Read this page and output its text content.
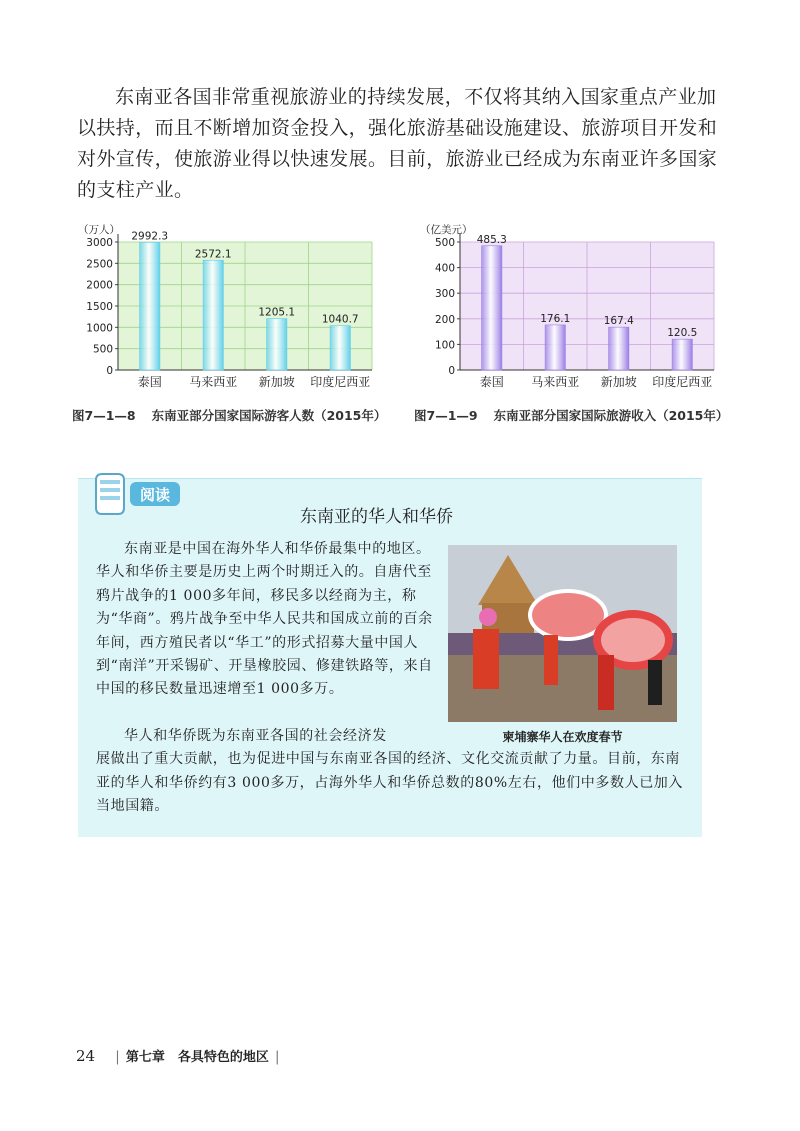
东南亚各国非常重视旅游业的持续发展，不仅将其纳入国家重点产业加以扶持，而且不断增加资金投入，强化旅游基础设施建设、旅游项目开发和对外宣传，使旅游业得以快速发展。目前，旅游业已经成为东南亚许多国家的支柱产业。

0
500
1000
1500
2000
2500
3000
（万人）
2992.3
泰国
2572.1
马来西亚
1205.1
新加坡
1040.7
印度尼西亚
图7—1—8 东南亚部分国家国际游客人数（2015年）
0
100
200
300
400
500
（亿美元）
485.3
泰国
176.1
马来西亚
167.4
新加坡
120.5
印度尼西亚
图7—1—9 东南亚部分国家国际旅游收入（2015年）
阅读
东南亚的华人和华侨

东南亚是中国在海外华人和华侨最集中的地区。华人和华侨主要是历史上两个时期迁入的。自唐代至鸦片战争的1 000多年间，移民多以经商为主，称为“华商”。鸦片战争至中华人民共和国成立前的百余年间，西方殖民者以“华工”的形式招募大量中国人到“南洋”开采锡矿、开垦橡胶园、修建铁路等，来自中国的移民数量迅速增至1 000多万。

华人和华侨既为东南亚各国的社会经济发
展做出了重大贡献，也为促进中国与东南亚各国的经济、文化交流贡献了力量。目前，东南亚的华人和华侨约有3 000多万，占海外华人和华侨总数的80%左右，他们中多数人已加入当地国籍。

柬埔寨华人在欢度春节
24 | 第七章　各具特色的地区 |
